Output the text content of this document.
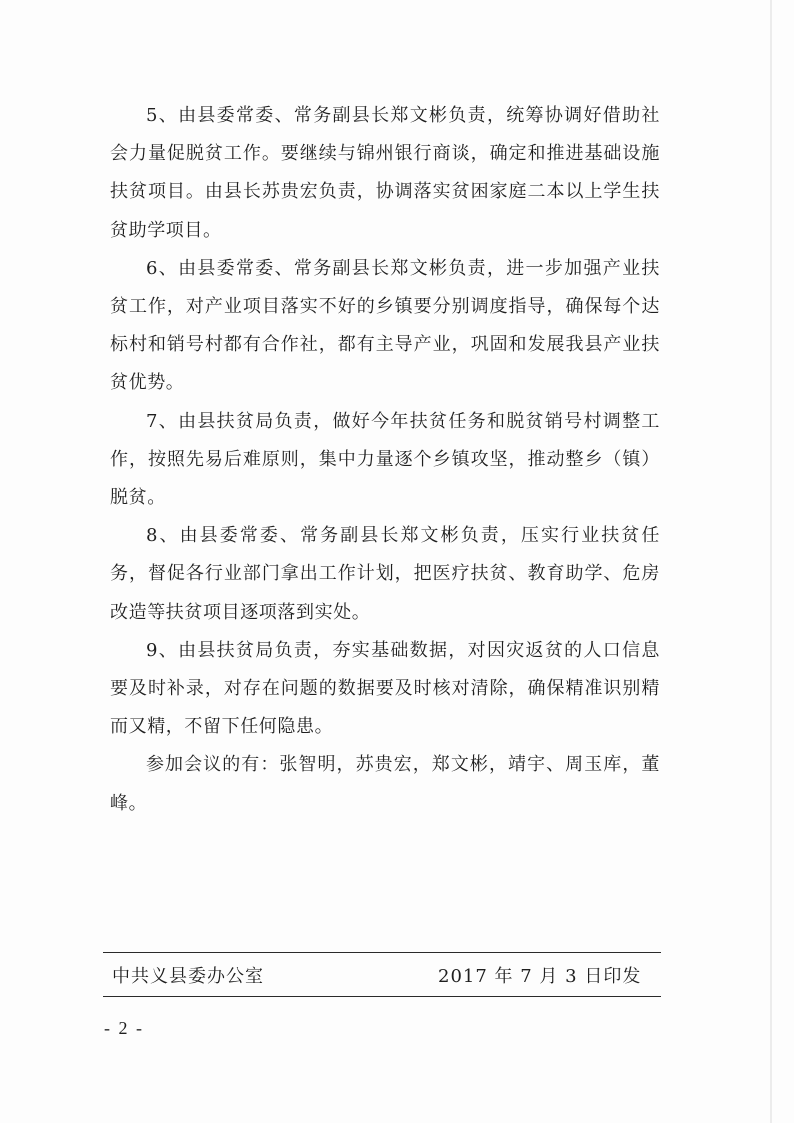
5、由县委常委、常务副县长郑文彬负责，统筹协调好借助社会力量促脱贫工作。要继续与锦州银行商谈，确定和推进基础设施扶贫项目。由县长苏贵宏负责，协调落实贫困家庭二本以上学生扶贫助学项目。

6、由县委常委、常务副县长郑文彬负责，进一步加强产业扶贫工作，对产业项目落实不好的乡镇要分别调度指导，确保每个达标村和销号村都有合作社，都有主导产业，巩固和发展我县产业扶贫优势。

7、由县扶贫局负责，做好今年扶贫任务和脱贫销号村调整工作，按照先易后难原则，集中力量逐个乡镇攻坚，推动整乡（镇）脱贫。

8、由县委常委、常务副县长郑文彬负责，压实行业扶贫任务，督促各行业部门拿出工作计划，把医疗扶贫、教育助学、危房改造等扶贫项目逐项落到实处。

9、由县扶贫局负责，夯实基础数据，对因灾返贫的人口信息要及时补录，对存在问题的数据要及时核对清除，确保精准识别精而又精，不留下任何隐患。

参加会议的有：张智明，苏贵宏，郑文彬，靖宇、周玉库，董峰。

中共义县委办公室	2017 年 7 月 3 日印发
- 2 -
